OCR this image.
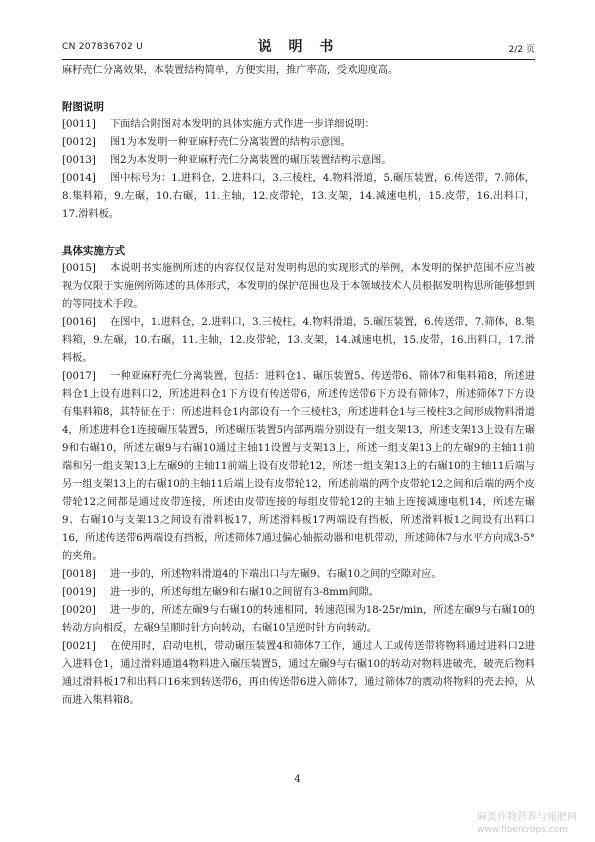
CN 207836702 U	说 明 书	2/2 页

麻籽壳仁分离效果，本装置结构简单，方便实用，推广率高，受欢迎度高。

附图说明

[0011] 下面结合附图对本发明的具体实施方式作进一步详细说明：

[0012] 图1为本发明一种亚麻籽壳仁分离装置的结构示意图。

[0013] 图2为本发明一种亚麻籽壳仁分离装置的碾压装置结构示意图。

[0014] 图中标号为：1.进料仓，2.进料口，3.三棱柱，4.物料滑道，5.碾压装置，6.传送带，7.筛体，8.集料箱，9.左碾，10.右碾，11.主轴，12.皮带轮，13.支架，14.减速电机，15.皮带，16.出料口，17.滑料板。

具体实施方式

[0015] 本说明书实施例所述的内容仅仅是对发明构思的实现形式的举例，本发明的保护范围不应当被视为仅限于实施例所陈述的具体形式，本发明的保护范围也及于本领域技术人员根据发明构思所能够想到的等同技术手段。

[0016] 在图中，1.进料仓，2.进料口，3.三棱柱，4.物料滑道，5.碾压装置，6.传送带，7.筛体，8.集料箱，9.左碾，10.右碾，11.主轴，12.皮带轮，13.支架，14.减速电机，15.皮带，16.出料口，17.滑料板。

[0017] 一种亚麻籽壳仁分离装置，包括：进料仓1、碾压装置5、传送带6、筛体7和集料箱8，所述进料仓1上设有进料口2，所述进料仓1下方设有传送带6，所述传送带6下方设有筛体7，所述筛体7下方设有集料箱8，其特征在于：所述进料仓1内部设有一个三棱柱3，所述进料仓1与三棱柱3之间形成物料滑道4，所述进料仓1连接碾压装置5，所述碾压装置5内部两端分别设有一组支架13，所述支架13上设有左碾9和右碾10，所述左碾9与右碾10通过主轴11设置与支架13上，所述一组支架13上的左碾9的主轴11前端和另一组支架13上左碾9的主轴11前端上设有皮带轮12，所述一组支架13上的右碾10的主轴11后端与另一组支架13上的右碾10的主轴11后端上设有皮带轮12，所述前端的两个皮带轮12之间和后端的两个皮带轮12之间都是通过皮带连接，所述由皮带连接的每组皮带轮12的主轴上连接减速电机14，所述左碾9、右碾10与支架13之间设有滑料板17，所述滑料板17两端设有挡板，所述滑料板1之间设有出料口16，所述传送带6两端设有挡板，所述筛体7通过偏心轴振动器和电机带动，所述筛体7与水平方向成3-5°的夹角。

[0018] 进一步的，所述物料滑道4的下端出口与左碾9、右碾10之间的空隙对应。

[0019] 进一步的，所述每组左碾9和右碾10之间留有3-8mm间隙。

[0020] 进一步的，所述左碾9与右碾10的转速相同，转速范围为18-25r/min，所述左碾9与右碾10的转动方向相反，左碾9呈顺时针方向转动，右碾10呈逆时针方向转动。

[0021] 在使用时，启动电机，带动碾压装置4和筛体7工作，通过人工或传送带将物料通过进料口2进入进料仓1，通过滑料通道4物料进入碾压装置5，通过左碾9与右碾10的转动对物料进破壳，破壳后物料通过滑料板17和出料口16来到转送带6，再由传送带6进入筛体7，通过筛体7的震动将物料的壳去掉，从而进入集料箱8。

4
麻类作物营养与施肥网
www.fibercrops.com
